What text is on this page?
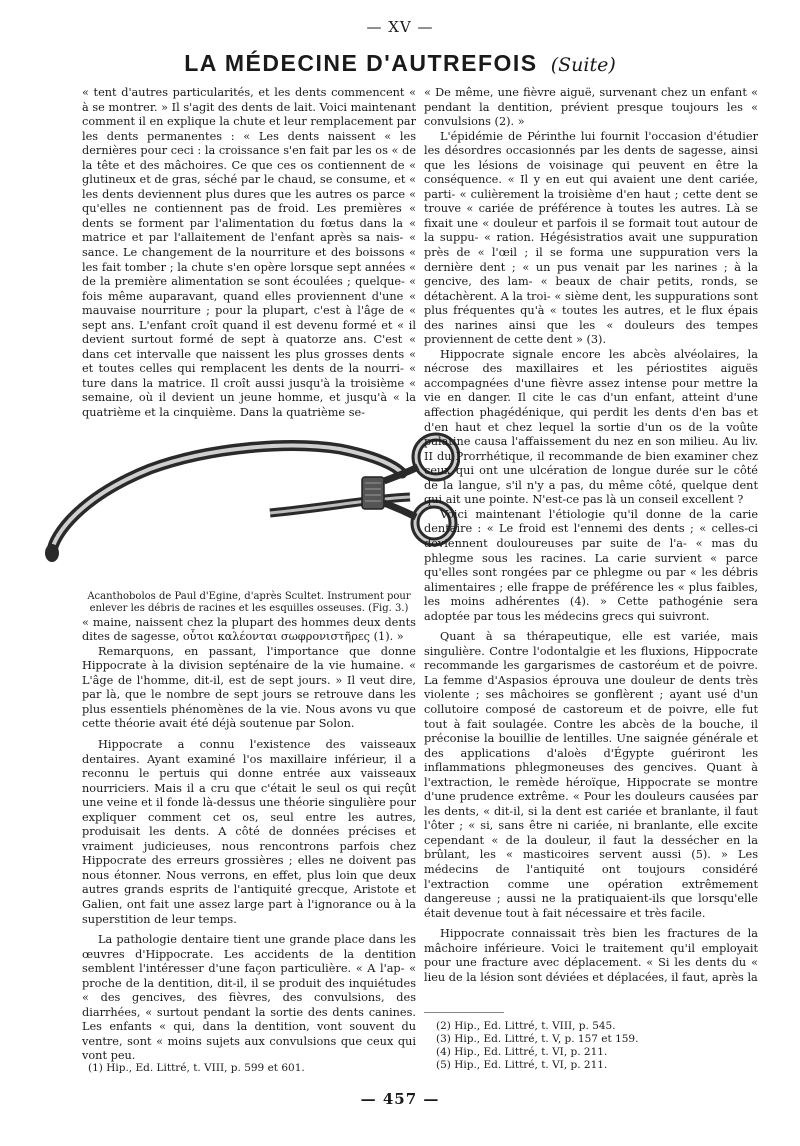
— XV —
LA MÉDECINE D'AUTREFOIS (Suite)

« tent d'autres particularités, et les dents commencent « à se montrer. » Il s'agit des dents de lait. Voici maintenant comment il en explique la chute et leur remplacement par les dents permanentes : « Les dents naissent « les dernières pour ceci : la croissance s'en fait par les os « de la tête et des mâchoires. Ce que ces os contiennent de « glutineux et de gras, séché par le chaud, se consume, et « les dents deviennent plus dures que les autres os parce « qu'elles ne contiennent pas de froid. Les premières « dents se forment par l'alimentation du fœtus dans la « matrice et par l'allaitement de l'enfant après sa nais- « sance. Le changement de la nourriture et des boissons « les fait tomber ; la chute s'en opère lorsque sept années « de la première alimentation se sont écoulées ; quelque- « fois même auparavant, quand elles proviennent d'une « mauvaise nourriture ; pour la plupart, c'est à l'âge de « sept ans. L'enfant croît quand il est devenu formé et « il devient surtout formé de sept à quatorze ans. C'est « dans cet intervalle que naissent les plus grosses dents « et toutes celles qui remplacent les dents de la nourri- « ture dans la matrice. Il croît aussi jusqu'à la troisième « semaine, où il devient un jeune homme, et jusqu'à « la quatrième et la cinquième. Dans la quatrième se-

Acanthobolos de Paul d'Egine, d'après Scultet. Instrument pour enlever les débris de racines et les esquilles osseuses. (Fig. 3.)

« maine, naissent chez la plupart des hommes deux dents dites de sagesse, οὗτοι καλέονται σωφρονιστῆρες (1). »

Remarquons, en passant, l'importance que donne Hippocrate à la division septénaire de la vie humaine. « L'âge de l'homme, dit-il, est de sept jours. » Il veut dire, par là, que le nombre de sept jours se retrouve dans les plus essentiels phénomènes de la vie. Nous avons vu que cette théorie avait été déjà soutenue par Solon.

Hippocrate a connu l'existence des vaisseaux dentaires. Ayant examiné l'os maxillaire inférieur, il a reconnu le pertuis qui donne entrée aux vaisseaux nourriciers. Mais il a cru que c'était le seul os qui reçût une veine et il fonde là-dessus une théorie singulière pour expliquer comment cet os, seul entre les autres, produisait les dents. A côté de données précises et vraiment judicieuses, nous rencontrons parfois chez Hippocrate des erreurs grossières ; elles ne doivent pas nous étonner. Nous verrons, en effet, plus loin que deux autres grands esprits de l'antiquité grecque, Aristote et Galien, ont fait une assez large part à l'ignorance ou à la superstition de leur temps.

La pathologie dentaire tient une grande place dans les œuvres d'Hippocrate. Les accidents de la dentition semblent l'intéresser d'une façon particulière. « A l'ap- « proche de la dentition, dit-il, il se produit des inquiétudes « des gencives, des fièvres, des convulsions, des diarrhées, « surtout pendant la sortie des dents canines. Les enfants « qui, dans la dentition, vont souvent du ventre, sont « moins sujets aux convulsions que ceux qui vont peu.

« De même, une fièvre aiguë, survenant chez un enfant « pendant la dentition, prévient presque toujours les « convulsions (2). »

L'épidémie de Périnthe lui fournit l'occasion d'étudier les désordres occasionnés par les dents de sagesse, ainsi que les lésions de voisinage qui peuvent en être la conséquence. « Il y en eut qui avaient une dent cariée, parti- « culièrement la troisième d'en haut ; cette dent se trouve « cariée de préférence à toutes les autres. Là se fixait une « douleur et parfois il se formait tout autour de la suppu- « ration. Hégésistratios avait une suppuration près de « l'œil ; il se forma une suppuration vers la dernière dent ; « un pus venait par les narines ; à la gencive, des lam- « beaux de chair petits, ronds, se détachèrent. A la troi- « sième dent, les suppurations sont plus fréquentes qu'à « toutes les autres, et le flux épais des narines ainsi que les « douleurs des tempes proviennent de cette dent » (3).

Hippocrate signale encore les abcès alvéolaires, la nécrose des maxillaires et les périostites aiguës accompagnées d'une fièvre assez intense pour mettre la vie en danger. Il cite le cas d'un enfant, atteint d'une affection phagédénique, qui perdit les dents d'en bas et d'en haut et chez lequel la sortie d'un os de la voûte palatine causa l'affaissement du nez en son milieu. Au liv. II du Prorrhétique, il recommande de bien examiner chez ceux qui ont une ulcération de longue durée sur le côté de la langue, s'il n'y a pas, du même côté, quelque dent qui ait une pointe. N'est-ce pas là un conseil excellent ?

Voici maintenant l'étiologie qu'il donne de la carie dentaire : « Le froid est l'ennemi des dents ; « celles-ci deviennent douloureuses par suite de l'a- « mas du phlegme sous les racines. La carie survient « parce qu'elles sont rongées par ce phlegme ou par « les débris alimentaires ; elle frappe de préférence les « plus faibles, les moins adhérentes (4). » Cette pathogénie sera adoptée par tous les médecins grecs qui suivront.

Quant à sa thérapeutique, elle est variée, mais singulière. Contre l'odontalgie et les fluxions, Hippocrate recommande les gargarismes de castoréum et de poivre. La femme d'Aspasios éprouva une douleur de dents très violente ; ses mâchoires se gonflèrent ; ayant usé d'un collutoire composé de castoreum et de poivre, elle fut tout à fait soulagée. Contre les abcès de la bouche, il préconise la bouillie de lentilles. Une saignée générale et des applications d'aloès d'Égypte guériront les inflammations phlegmoneuses des gencives. Quant à l'extraction, le remède héroïque, Hippocrate se montre d'une prudence extrême. « Pour les douleurs causées par les dents, « dit-il, si la dent est cariée et branlante, il faut l'ôter ; « si, sans être ni cariée, ni branlante, elle excite cependant « de la douleur, il faut la dessécher en la brûlant, les « masticoires servent aussi (5). » Les médecins de l'antiquité ont toujours considéré l'extraction comme une opération extrêmement dangereuse ; aussi ne la pratiquaient-ils que lorsqu'elle était devenue tout à fait nécessaire et très facile.

Hippocrate connaissait très bien les fractures de la mâchoire inférieure. Voici le traitement qu'il employait pour une fracture avec déplacement. « Si les dents du « lieu de la lésion sont déviées et déplacées, il faut, après la

(2) Hip., Ed. Littré, t. VIII, p. 545.
(3) Hip., Ed. Littré, t. V, p. 157 et 159.
(4) Hip., Ed. Littré, t. VI, p. 211.
(5) Hip., Ed. Littré, t. VI, p. 211.
(1) Hip., Ed. Littré, t. VIII, p. 599 et 601.
— 457 —
